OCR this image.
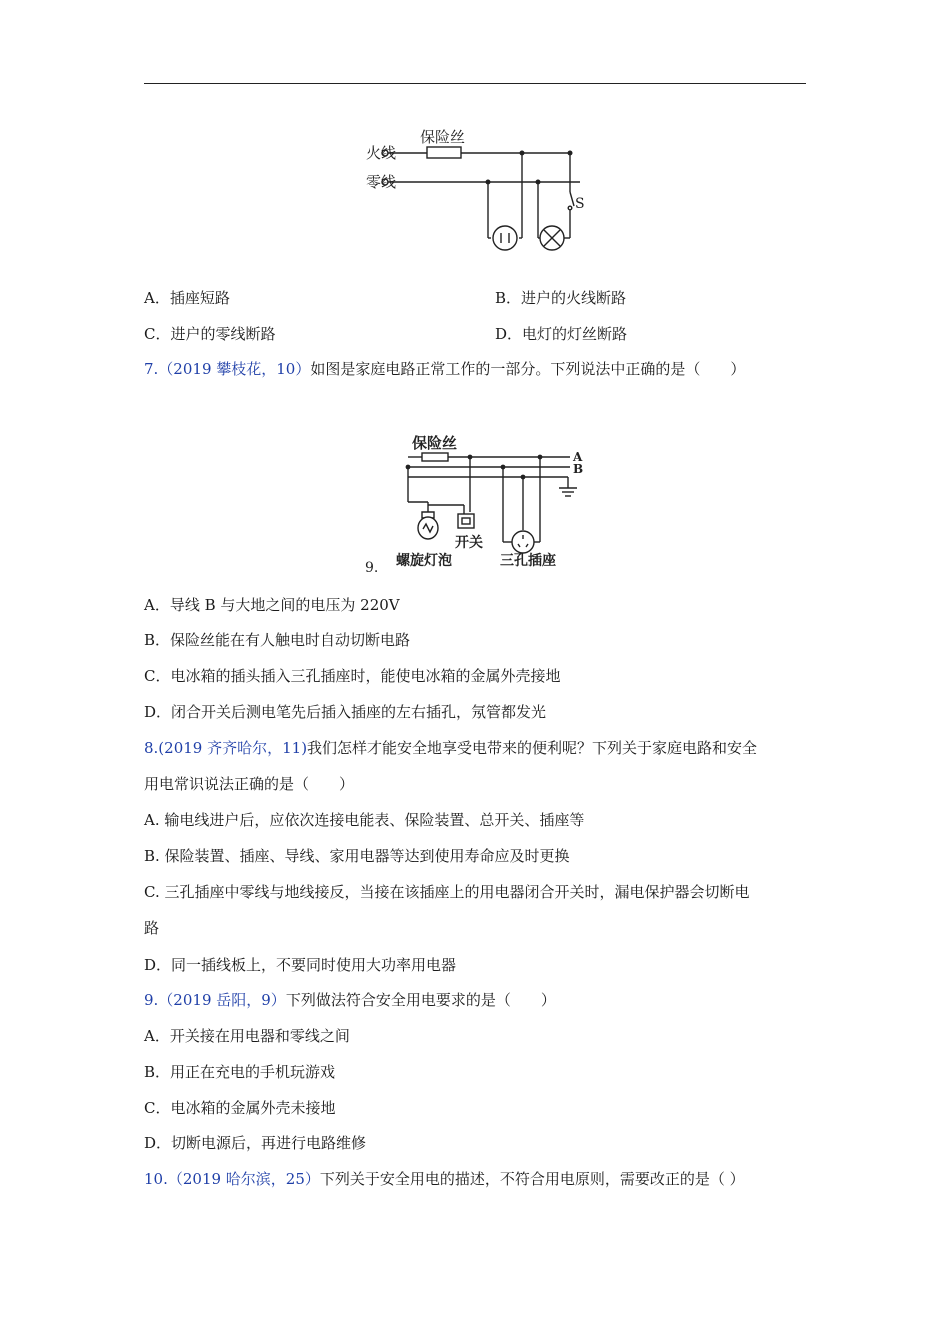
保险丝
火线
零线
S
A．插座短路	B．进户的火线断路
C．进户的零线断路	D．电灯的灯丝断路
7.（2019 攀枝花，10）如图是家庭电路正常工作的一部分。下列说法中正确的是（　　）
保险丝
A
B
开关
螺旋灯泡	三孔插座
9.
A．导线 B 与大地之间的电压为 220V
B．保险丝能在有人触电时自动切断电路
C．电冰箱的插头插入三孔插座时，能使电冰箱的金属外壳接地
D．闭合开关后测电笔先后插入插座的左右插孔，氖管都发光
8.(2019 齐齐哈尔，11)我们怎样才能安全地享受电带来的便利呢？下列关于家庭电路和安全
用电常识说法正确的是（　　）
A. 输电线进户后，应依次连接电能表、保险装置、总开关、插座等
B. 保险装置、插座、导线、家用电器等达到使用寿命应及时更换
C. 三孔插座中零线与地线接反，当接在该插座上的用电器闭合开关时，漏电保护器会切断电
路
D．同一插线板上，不要同时使用大功率用电器
9.（2019 岳阳，9）下列做法符合安全用电要求的是（　　）
A．开关接在用电器和零线之间
B．用正在充电的手机玩游戏
C．电冰箱的金属外壳未接地
D．切断电源后，再进行电路维修
10.（2019 哈尔滨，25）下列关于安全用电的描述，不符合用电原则，需要改正的是（ ）
